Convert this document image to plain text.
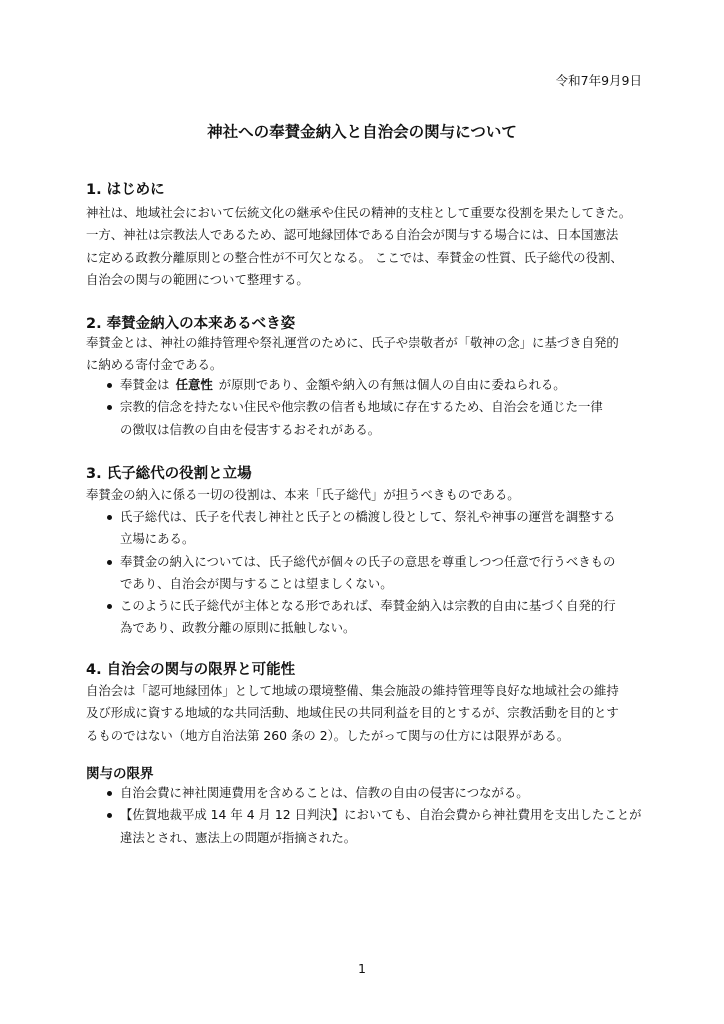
令和7年9月9日
神社への奉賛金納入と自治会の関与について
1. はじめに

神社は、地域社会において伝統文化の継承や住民の精神的支柱として重要な役割を果たしてきた。
一方、神社は宗教法人であるため、認可地縁団体である自治会が関与する場合には、日本国憲法
に定める政教分離原則との整合性が不可欠となる。 ここでは、奉賛金の性質、氏子総代の役割、
自治会の関与の範囲について整理する。

2. 奉賛金納入の本来あるべき姿

奉賛金とは、神社の維持管理や祭礼運営のために、氏子や崇敬者が「敬神の念」に基づき自発的
に納める寄付金である。

奉賛金は 任意性 が原則であり、金額や納入の有無は個人の自由に委ねられる。
宗教的信念を持たない住民や他宗教の信者も地域に存在するため、自治会を通じた一律
の徴収は信教の自由を侵害するおそれがある。
3. 氏子総代の役割と立場

奉賛金の納入に係る一切の役割は、本来「氏子総代」が担うべきものである。

氏子総代は、氏子を代表し神社と氏子との橋渡し役として、祭礼や神事の運営を調整する
立場にある。
奉賛金の納入については、氏子総代が個々の氏子の意思を尊重しつつ任意で行うべきもの
であり、自治会が関与することは望ましくない。
このように氏子総代が主体となる形であれば、奉賛金納入は宗教的自由に基づく自発的行
為であり、政教分離の原則に抵触しない。
4. 自治会の関与の限界と可能性

自治会は「認可地縁団体」として地域の環境整備、集会施設の維持管理等良好な地域社会の維持
及び形成に資する地域的な共同活動、地域住民の共同利益を目的とするが、宗教活動を目的とす
るものではない（地方自治法第 260 条の 2）。したがって関与の仕方には限界がある。

関与の限界
自治会費に神社関連費用を含めることは、信教の自由の侵害につながる。
【佐賀地裁平成 14 年 4 月 12 日判決】においても、自治会費から神社費用を支出したことが
違法とされ、憲法上の問題が指摘された。
1
